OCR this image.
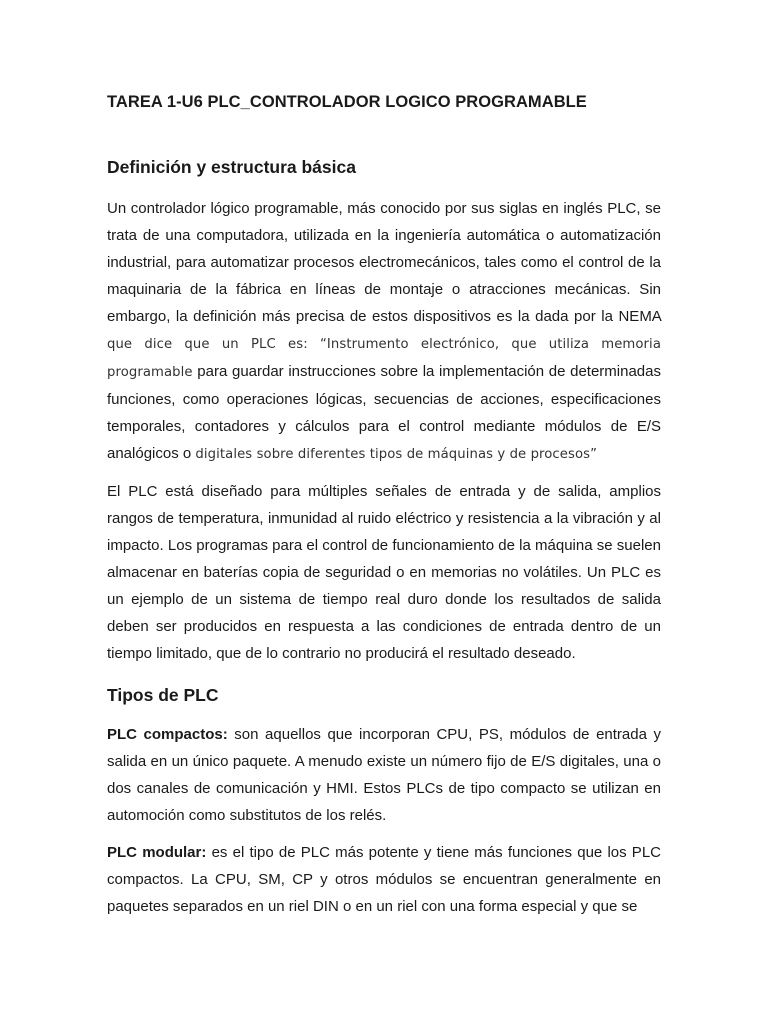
TAREA 1-U6 PLC_CONTROLADOR LOGICO PROGRAMABLE
Definición y estructura básica

Un controlador lógico programable, más conocido por sus siglas en inglés PLC, se trata de una computadora, utilizada en la ingeniería automática o automatización industrial, para automatizar procesos electromecánicos, tales como el control de la maquinaria de la fábrica en líneas de montaje o atracciones mecánicas. Sin embargo, la definición más precisa de estos dispositivos es la dada por la NEMA que dice que un PLC es: “Instrumento electrónico, que utiliza memoria programable para guardar instrucciones sobre la implementación de determinadas funciones, como operaciones lógicas, secuencias de acciones, especificaciones temporales, contadores y cálculos para el control mediante módulos de E/S analógicos o digitales sobre diferentes tipos de máquinas y de procesos”

El PLC está diseñado para múltiples señales de entrada y de salida, amplios rangos de temperatura, inmunidad al ruido eléctrico y resistencia a la vibración y al impacto. Los programas para el control de funcionamiento de la máquina se suelen almacenar en baterías copia de seguridad o en memorias no volátiles. Un PLC es un ejemplo de un sistema de tiempo real duro donde los resultados de salida deben ser producidos en respuesta a las condiciones de entrada dentro de un tiempo limitado, que de lo contrario no producirá el resultado deseado.

Tipos de PLC

PLC compactos: son aquellos que incorporan CPU, PS, módulos de entrada y salida en un único paquete. A menudo existe un número fijo de E/S digitales, una o dos canales de comunicación y HMI. Estos PLCs de tipo compacto se utilizan en automoción como substitutos de los relés.

PLC modular: es el tipo de PLC más potente y tiene más funciones que los PLC compactos. La CPU, SM, CP y otros módulos se encuentran generalmente en paquetes separados en un riel DIN o en un riel con una forma especial y que se
